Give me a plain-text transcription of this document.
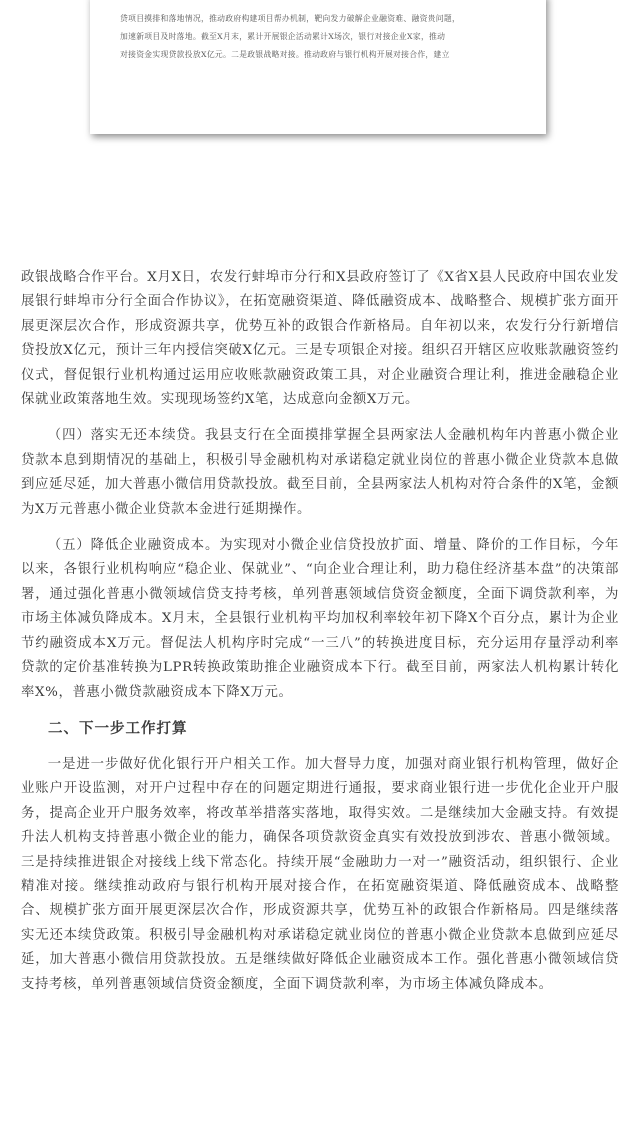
贷项目摸排和落地情况，推动政府构建项目帮办机制，靶向发力破解企业融资难、融资贵问题，
加速新项目及时落地。截至X月末，累计开展银企活动累计X场次，银行对接企业X家，推动
对接资金实现贷款投放X亿元。二是政银战略对接。推动政府与银行机构开展对接合作，建立

政银战略合作平台。X月X日，农发行蚌埠市分行和X县政府签订了《X省X县人民政府中国农业发展银行蚌埠市分行全面合作协议》，在拓宽融资渠道、降低融资成本、战略整合、规模扩张方面开展更深层次合作，形成资源共享，优势互补的政银合作新格局。自年初以来，农发行分行新增信贷投放X亿元，预计三年内授信突破X亿元。三是专项银企对接。组织召开辖区应收账款融资签约仪式，督促银行业机构通过运用应收账款融资政策工具，对企业融资合理让利，推进金融稳企业保就业政策落地生效。实现现场签约X笔，达成意向金额X万元。

（四）落实无还本续贷。我县支行在全面摸排掌握全县两家法人金融机构年内普惠小微企业贷款本息到期情况的基础上，积极引导金融机构对承诺稳定就业岗位的普惠小微企业贷款本息做到应延尽延，加大普惠小微信用贷款投放。截至目前，全县两家法人机构对符合条件的X笔，金额为X万元普惠小微企业贷款本金进行延期操作。

（五）降低企业融资成本。为实现对小微企业信贷投放扩面、增量、降价的工作目标，今年以来，各银行业机构响应“稳企业、保就业”、“向企业合理让利，助力稳住经济基本盘”的决策部署，通过强化普惠小微领域信贷支持考核，单列普惠领域信贷资金额度，全面下调贷款利率，为市场主体减负降成本。X月末，全县银行业机构平均加权利率较年初下降X个百分点，累计为企业节约融资成本X万元。督促法人机构序时完成“一三八”的转换进度目标，充分运用存量浮动利率贷款的定价基准转换为LPR转换政策助推企业融资成本下行。截至目前，两家法人机构累计转化率X%，普惠小微贷款融资成本下降X万元。

二、下一步工作打算

一是进一步做好优化银行开户相关工作。加大督导力度，加强对商业银行机构管理，做好企业账户开设监测，对开户过程中存在的问题定期进行通报，要求商业银行进一步优化企业开户服务，提高企业开户服务效率，将改革举措落实落地，取得实效。二是继续加大金融支持。有效提升法人机构支持普惠小微企业的能力，确保各项贷款资金真实有效投放到涉农、普惠小微领域。三是持续推进银企对接线上线下常态化。持续开展“金融助力一对一”融资活动，组织银行、企业精准对接。继续推动政府与银行机构开展对接合作，在拓宽融资渠道、降低融资成本、战略整合、规模扩张方面开展更深层次合作，形成资源共享，优势互补的政银合作新格局。四是继续落实无还本续贷政策。积极引导金融机构对承诺稳定就业岗位的普惠小微企业贷款本息做到应延尽延，加大普惠小微信用贷款投放。五是继续做好降低企业融资成本工作。强化普惠小微领域信贷支持考核，单列普惠领域信贷资金额度，全面下调贷款利率，为市场主体减负降成本。
